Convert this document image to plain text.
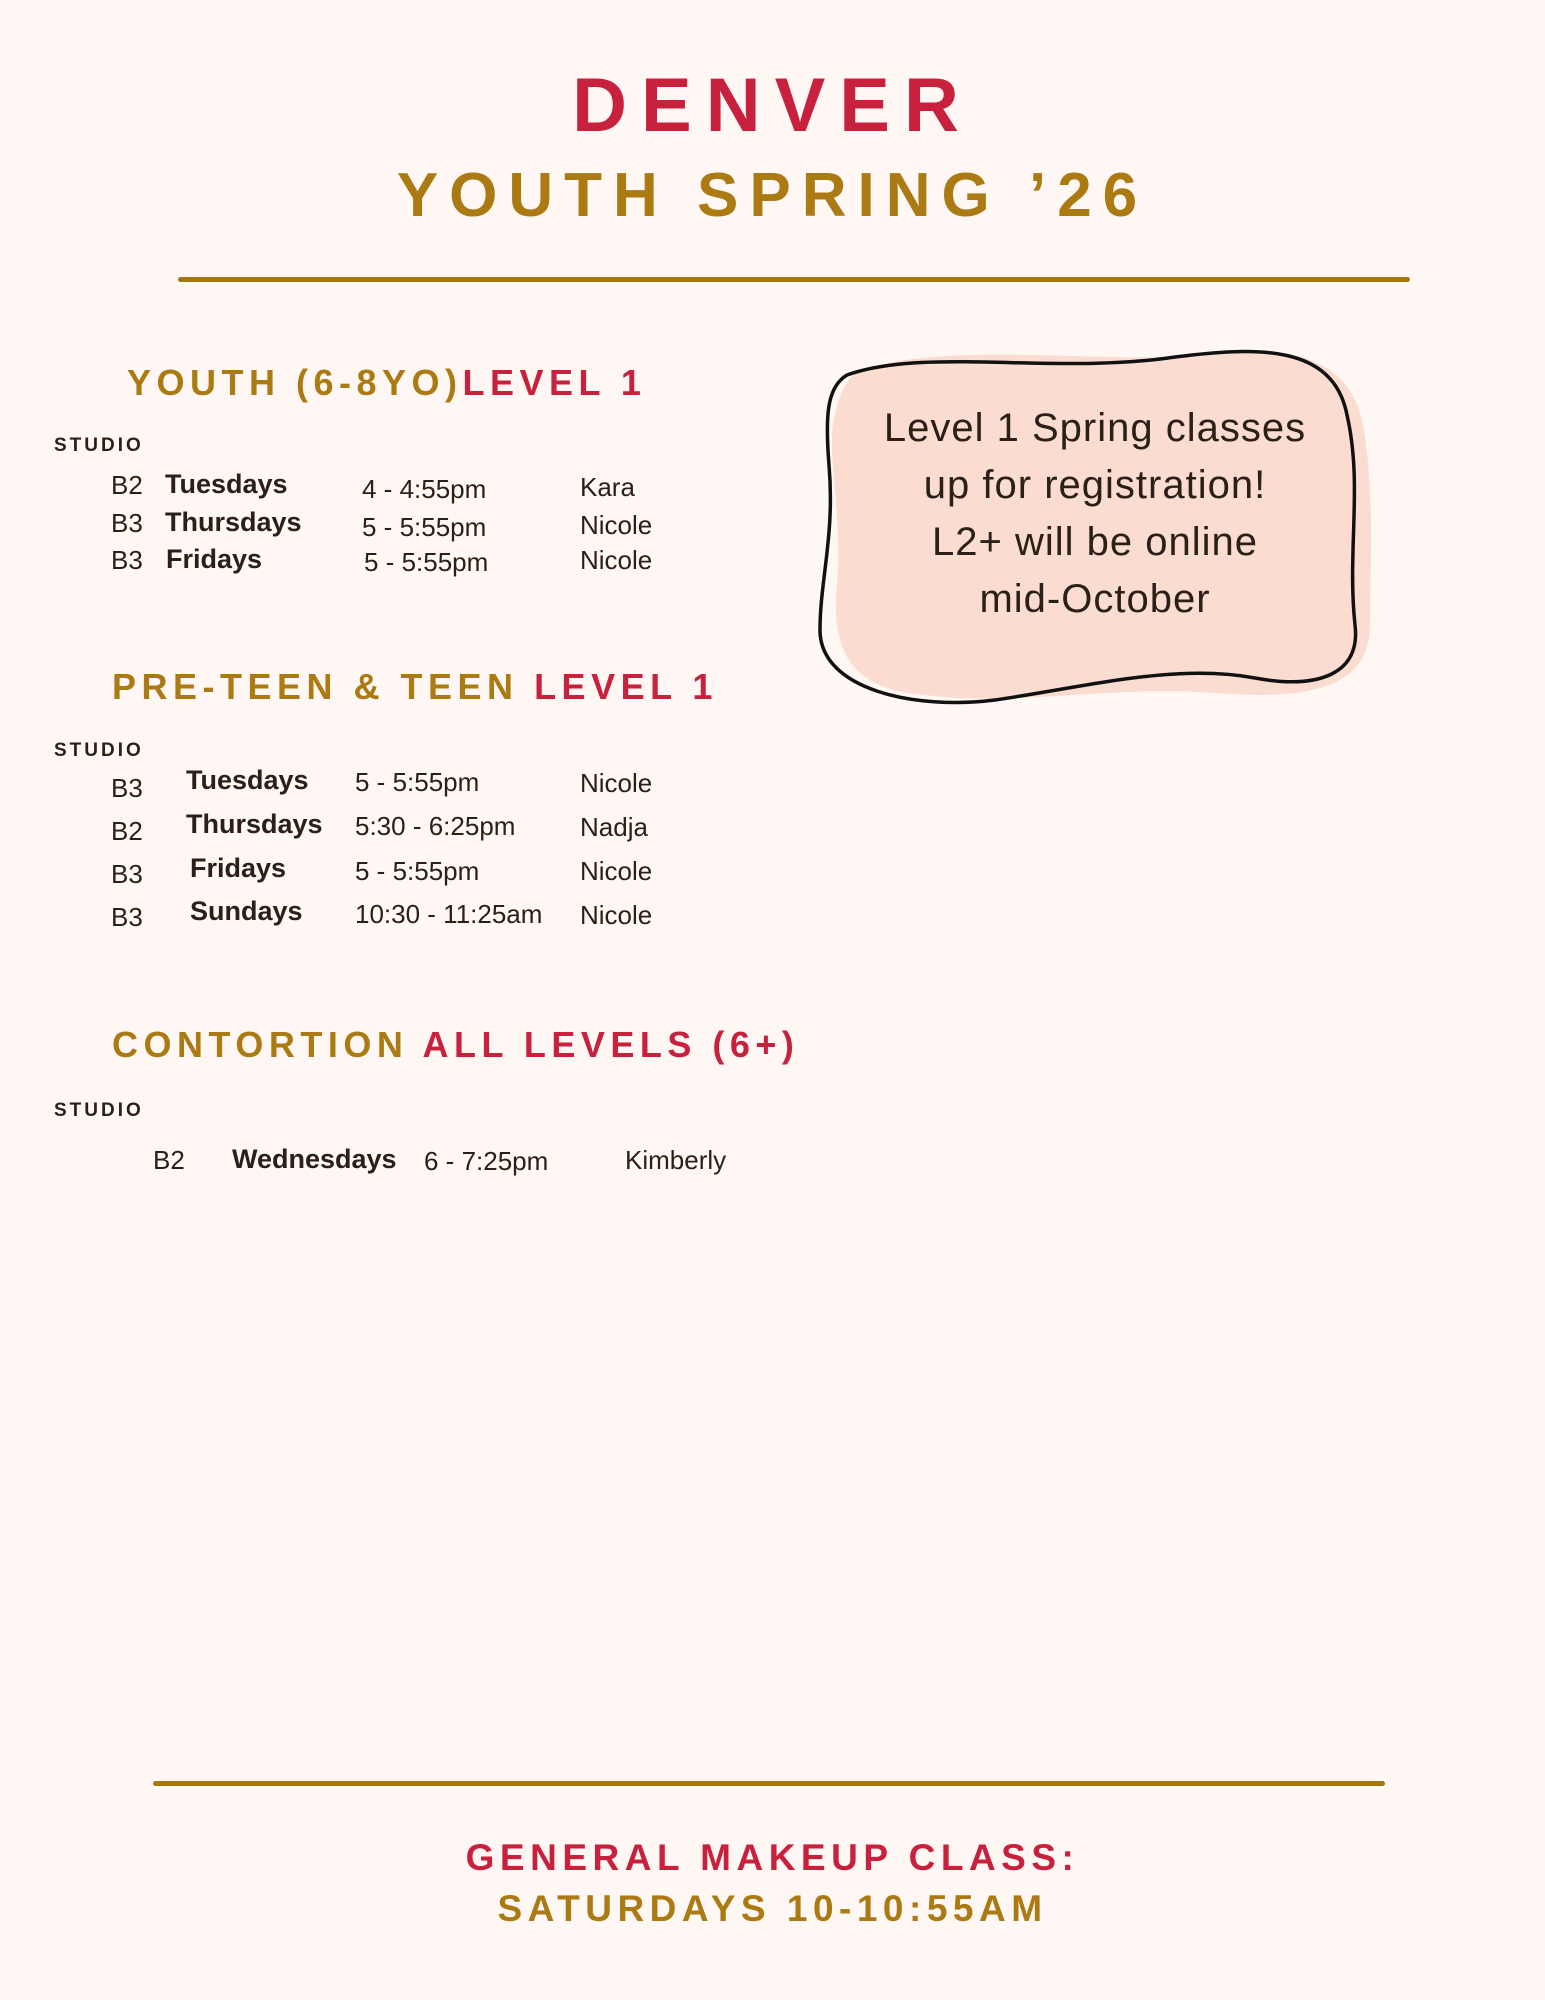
DENVER
YOUTH SPRING ’26
YOUTH (6-8YO)LEVEL 1
STUDIO
B2 Tuesdays	4 - 4:55pm	Kara
B3 Thursdays 5 - 5:55pm	Nicole
B3 Fridays	5 - 5:55pm	Nicole
PRE-TEEN & TEEN LEVEL 1
STUDIO
B3 Tuesdays 5 - 5:55pm	Nicole
B2 Thursdays 5:30 - 6:25pm Nadja
B3 Fridays	5 - 5:55pm	Nicole
B3 Sundays 10:30 - 11:25am Nicole
CONTORTION ALL LEVELS (6+)
STUDIO
B2 Wednesdays 6 - 7:25pm	Kimberly
Level 1 Spring classes
up for registration!
L2+ will be online
mid-October
GENERAL MAKEUP CLASS:
SATURDAYS 10-10:55AM
